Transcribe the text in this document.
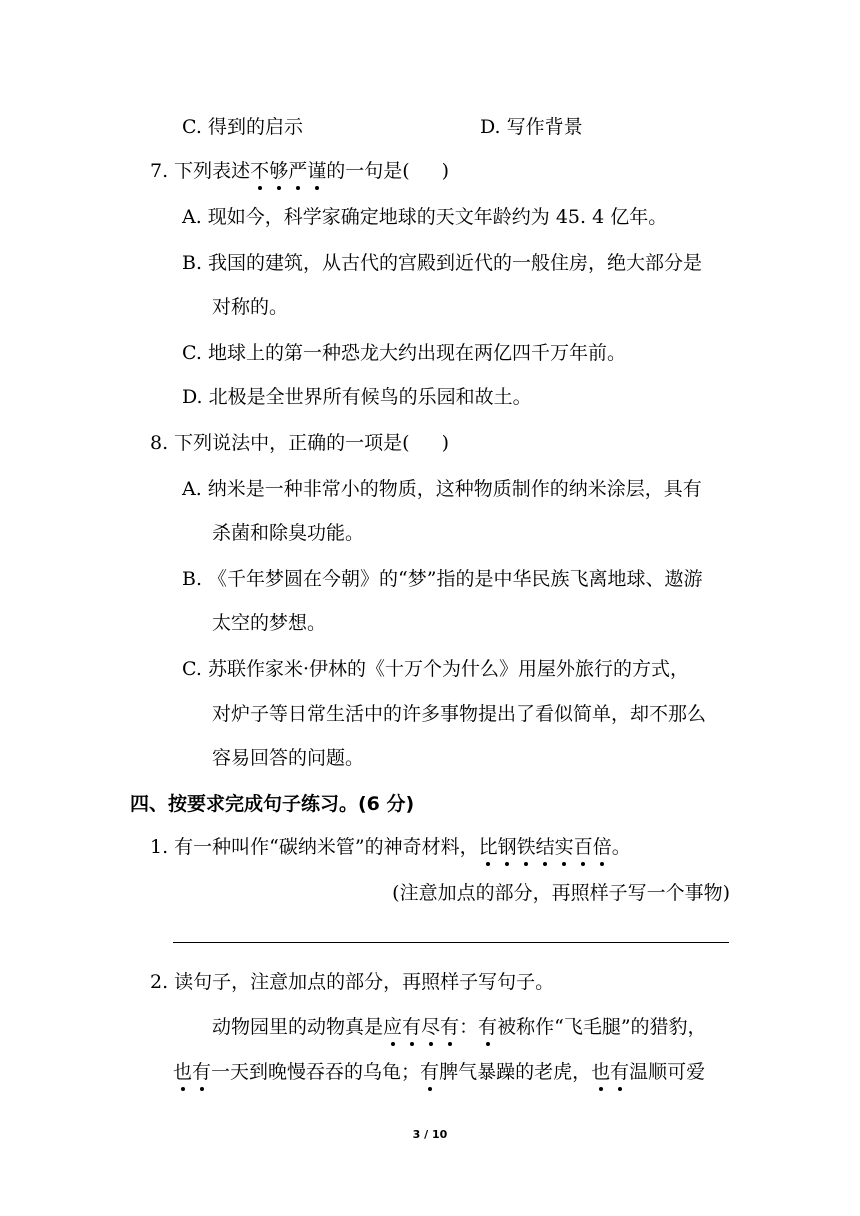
C. 得到的启示	D. 写作背景
7. 下列表述不够严谨的一句是( )
A. 现如今，科学家确定地球的天文年龄约为 45. 4 亿年。
B. 我国的建筑，从古代的宫殿到近代的一般住房，绝大部分是
对称的。
C. 地球上的第一种恐龙大约出现在两亿四千万年前。
D. 北极是全世界所有候鸟的乐园和故土。
8. 下列说法中，正确的一项是( )
A. 纳米是一种非常小的物质，这种物质制作的纳米涂层，具有
杀菌和除臭功能。
B. 《千年梦圆在今朝》的“梦”指的是中华民族飞离地球、遨游
太空的梦想。
C. 苏联作家米·伊林的《十万个为什么》用屋外旅行的方式，
对炉子等日常生活中的许多事物提出了看似简单，却不那么
容易回答的问题。
四、按要求完成句子练习。(6 分)
1. 有一种叫作“碳纳米管”的神奇材料，比钢铁结实百倍。
(注意加点的部分，再照样子写一个事物)
2. 读句子，注意加点的部分，再照样子写句子。
动物园里的动物真是应有尽有：有被称作“飞毛腿”的猎豹，
也有一天到晚慢吞吞的乌龟；有脾气暴躁的老虎，也有温顺可爱
3 / 10
